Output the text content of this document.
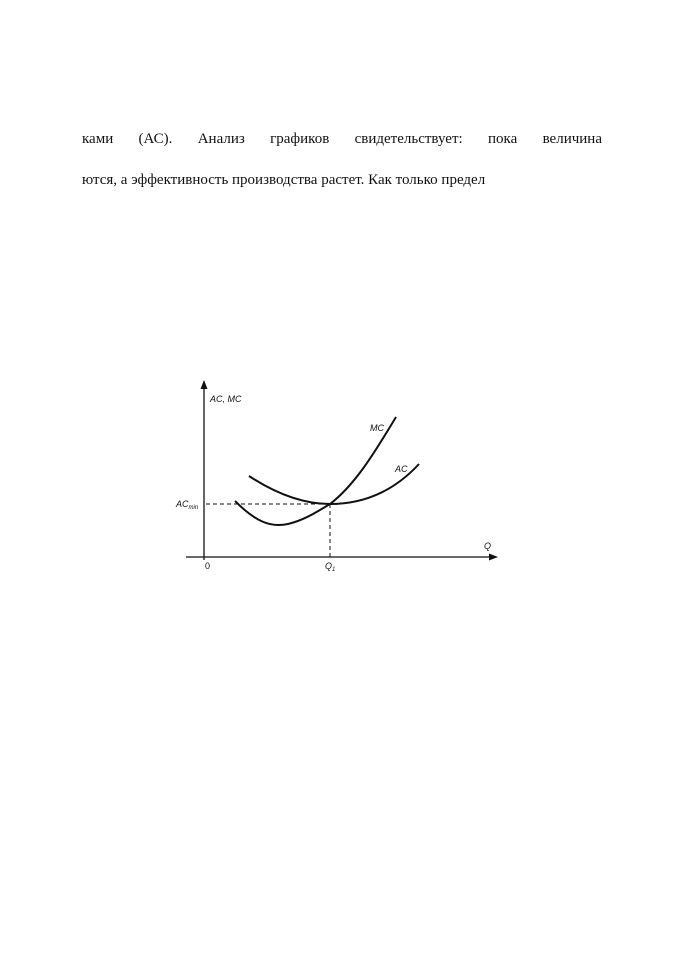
ками (АС). Анализ графиков свидетельствует: пока величина
ются, а эффективность производства растет. Как только предел
AC, MC
Q
0
$AC_{min}$
$Q_1$
MC
AC
